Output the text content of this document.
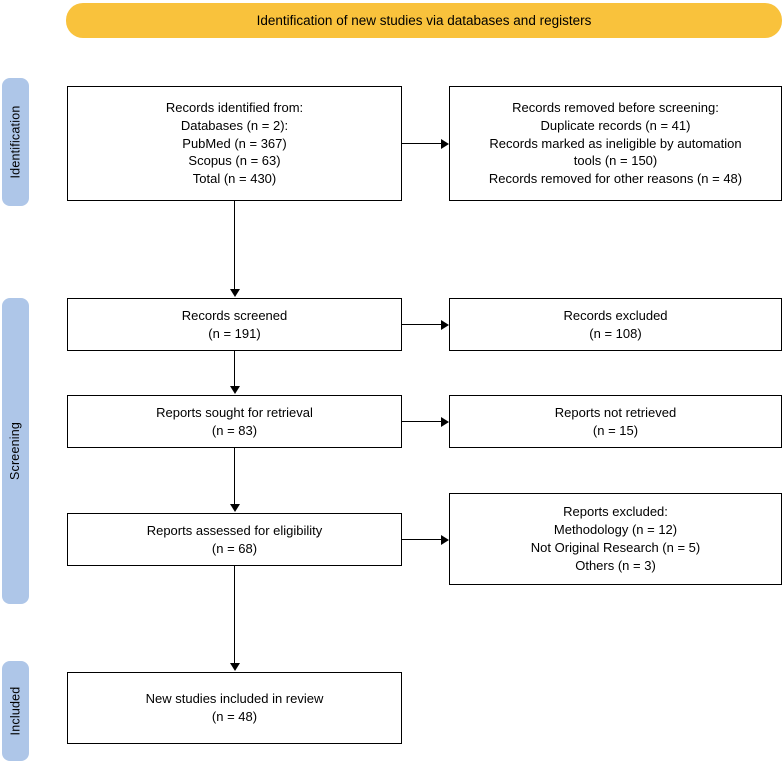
Identification of new studies via databases and registers
Identification
Screening
Included
Records identified from:
Databases (n = 2):
PubMed (n = 367)
Scopus (n = 63)
Total (n = 430)
Records removed before screening:
Duplicate records (n = 41)
Records marked as ineligible by automation
tools (n = 150)
Records removed for other reasons (n = 48)
Records screened
(n = 191)
Records excluded
(n = 108)
Reports sought for retrieval
(n = 83)
Reports not retrieved
(n = 15)
Reports assessed for eligibility
(n = 68)
Reports excluded:
Methodology (n = 12)
Not Original Research (n = 5)
Others (n = 3)
New studies included in review
(n = 48)
